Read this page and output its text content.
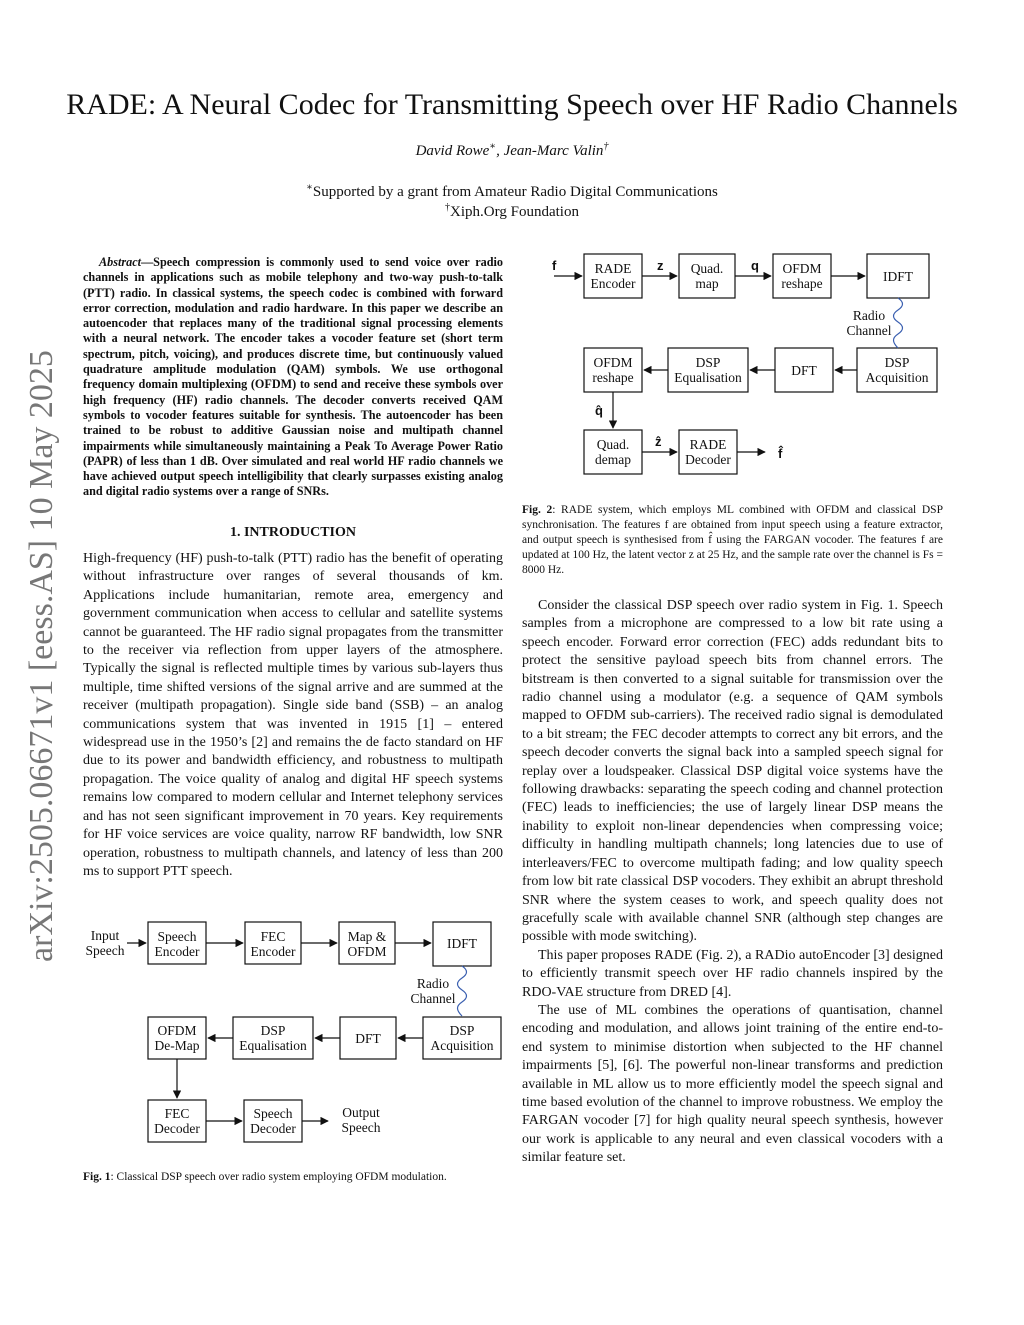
arXiv:2505.06671v1 [eess.AS] 10 May 2025
RADE: A Neural Codec for Transmitting Speech over HF Radio Channels
David Rowe∗, Jean-Marc Valin†
∗Supported by a grant from Amateur Radio Digital Communications
†Xiph.Org Foundation
Abstract—Speech compression is commonly used to send voice over radio channels in applications such as mobile telephony and two-way push-to-talk (PTT) radio. In classical systems, the speech codec is combined with forward error correction, modulation and radio hardware. In this paper we describe an autoencoder that replaces many of the traditional signal processing elements with a neural network. The encoder takes a vocoder feature set (short term spectrum, pitch, voicing), and produces discrete time, but continuously valued quadrature amplitude modulation (QAM) symbols. We use orthogonal frequency domain multiplexing (OFDM) to send and receive these symbols over high frequency (HF) radio channels. The decoder converts received QAM symbols to vocoder features suitable for synthesis. The autoencoder has been trained to be robust to additive Gaussian noise and multipath channel impairments while simultaneously maintaining a Peak To Average Power Ratio (PAPR) of less than 1 dB. Over simulated and real world HF radio channels we have achieved output speech intelligibility that clearly surpasses existing analog and digital radio systems over a range of SNRs.
1. INTRODUCTION
High-frequency (HF) push-to-talk (PTT) radio has the benefit of operating without infrastructure over ranges of several thousands of km. Applications include humanitarian, remote area, emergency and government communication when access to cellular and satellite systems cannot be guaranteed. The HF radio signal propagates from the transmitter to the receiver via reflection from upper layers of the atmosphere. Typically the signal is reflected multiple times by various sub-layers thus multiple, time shifted versions of the signal arrive and are summed at the receiver (multipath propagation). Single side band (SSB) – an analog communications system that was invented in 1915 [1] – entered widespread use in the 1950’s [2] and remains the de facto standard on HF due to its power and bandwidth efficiency, and robustness to multipath propagation. The voice quality of analog and digital HF speech systems remains low compared to modern cellular and Internet telephony services and has not seen significant improvement in 70 years. Key requirements for HF voice services are voice quality, narrow RF bandwidth, low SNR operation, robustness to multipath channels, and latency of less than 200 ms to support PTT speech.
Input
Speech
Speech
Encoder
FEC
Encoder
Map &
OFDM
IDFT
Radio
Channel
OFDM
De-Map
DSP
Equalisation	DFT
DSP
Acquisition
FEC
Decoder
Speech
Decoder
Output
Speech
Fig. 1: Classical DSP speech over radio system employing OFDM modulation.
f	z	q
q̂
ẑ
f̂
RADE
Encoder
Quad.
map
OFDM
reshape	IDFT
Radio
Channel
OFDM
reshape
DSP
Equalisation	DFT
DSP
Acquisition
Quad.
demap
RADE
Decoder
Fig. 2: RADE system, which employs ML combined with OFDM and classical DSP synchronisation. The features f are obtained from input speech using a feature extractor, and output speech is synthesised from f̂ using the FARGAN vocoder. The features f are updated at 100 Hz, the latent vector z at 25 Hz, and the sample rate over the channel is Fs = 8000 Hz.

Consider the classical DSP speech over radio system in Fig. 1. Speech samples from a microphone are compressed to a low bit rate using a speech encoder. Forward error correction (FEC) adds redundant bits to protect the sensitive payload speech bits from channel errors. The bitstream is then converted to a signal suitable for transmission over the radio channel using a modulator (e.g. a sequence of QAM symbols mapped to OFDM sub-carriers). The received radio signal is demodulated to a bit stream; the FEC decoder attempts to correct any bit errors, and the speech decoder converts the signal back into a sampled speech signal for replay over a loudspeaker. Classical DSP digital voice systems have the following drawbacks: separating the speech coding and channel protection (FEC) leads to inefficiencies; the use of largely linear DSP means the inability to exploit non-linear dependencies when compressing voice; difficulty in handling multipath channels; long latencies due to use of interleavers/FEC to overcome multipath fading; and low quality speech from low bit rate classical DSP vocoders. They exhibit an abrupt threshold SNR where the system ceases to work, and speech quality does not gracefully scale with available channel SNR (although step changes are possible with mode switching).

This paper proposes RADE (Fig. 2), a RADio autoEncoder [3] designed to efficiently transmit speech over HF radio channels inspired by the RDO-VAE structure from DRED [4].

The use of ML combines the operations of quantisation, channel encoding and modulation, and allows joint training of the entire end-to-end system to minimise distortion when subjected to the HF channel impairments [5], [6]. The powerful non-linear transforms and prediction available in ML allow us to more efficiently model the speech signal and time based evolution of the channel to improve robustness. We employ the FARGAN vocoder [7] for high quality neural speech synthesis, however our work is applicable to any neural and even classical vocoders with a similar feature set.
